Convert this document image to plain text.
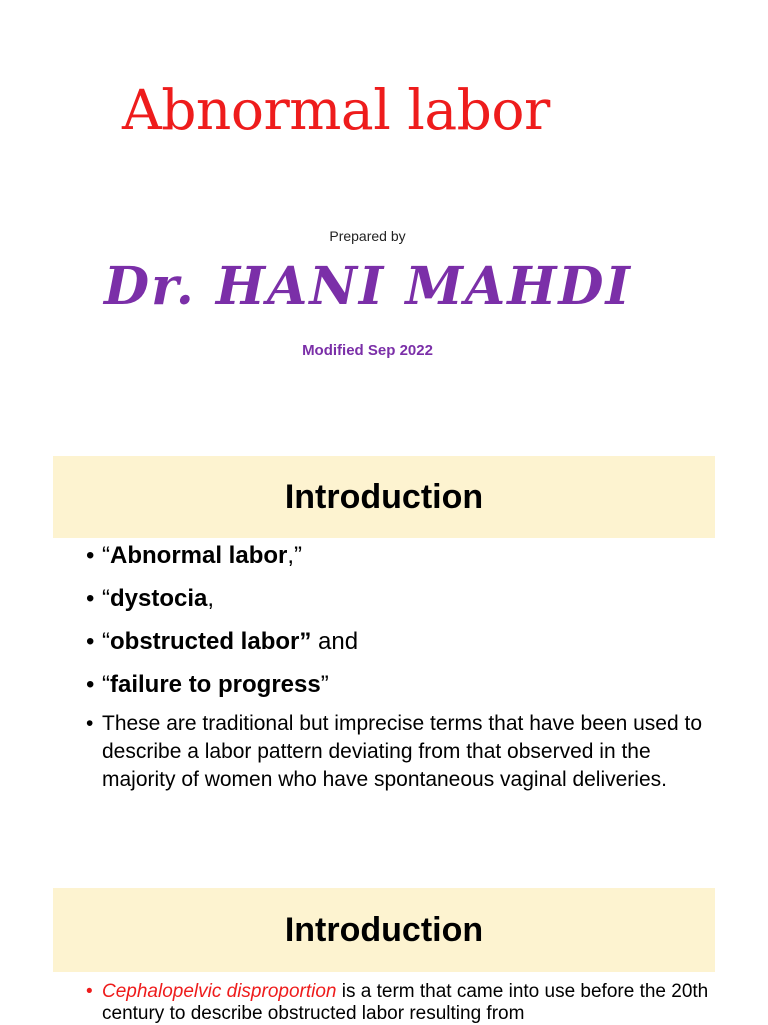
Abnormal labor
Prepared by
Dr. HANI MAHDI
Modified Sep 2022
Introduction
• “Abnormal labor,”
• “dystocia,
• “obstructed labor” and
• “failure to progress”
• These are traditional but imprecise terms that have been used to describe a labor pattern deviating from that observed in the majority of women who have spontaneous vaginal deliveries.
Introduction
• Cephalopelvic disproportion is a term that came into use before the 20th century to describe obstructed labor resulting from
